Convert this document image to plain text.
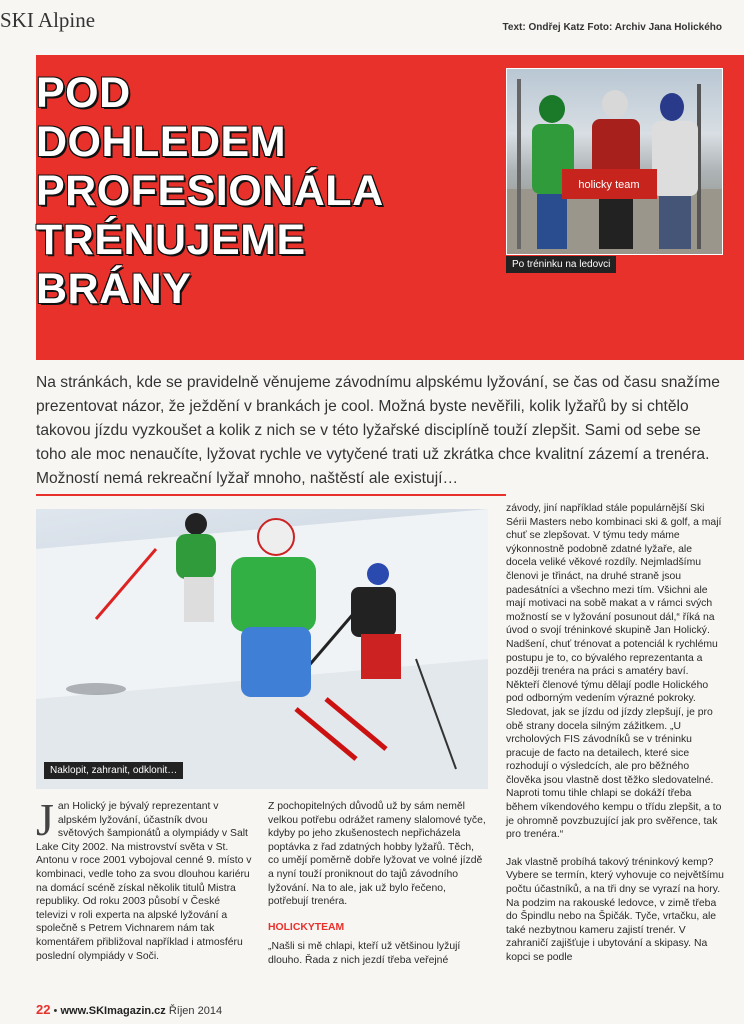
SKI Alpine	Text: Ondřej Katz Foto: Archiv Jana Holického
POD
DOHLEDEM
PROFESIONÁLA
TRÉNUJEME
BRÁNY
holicky team
Po tréninku na ledovci

Na stránkách, kde se pravidelně věnujeme závodnímu alpskému lyžování, se čas od času snažíme prezentovat názor, že ježdění v brankách je cool. Možná byste nevěřili, kolik lyžařů by si chtělo takovou jízdu vyzkoušet a kolik z nich se v této lyžařské disciplíně touží zlepšit. Sami od sebe se toho ale moc nenaučíte, lyžovat rychle ve vytyčené trati už zkrátka chce kvalitní zázemí a trenéra. Možností nemá rekreační lyžař mnoho, naštěstí ale existují…

Naklopit, zahranit, odklonit…

Jan Holický je bývalý reprezentant v alpském lyžování, účastník dvou světových šampionátů a olympiády v Salt Lake City 2002. Na mistrovství světa v St. Antonu v roce 2001 vybojoval cenné 9. místo v kombinaci, vedle toho za svou dlouhou kariéru na domácí scéně získal několik titulů Mistra republiky. Od roku 2003 působí v České televizi v roli experta na alpské lyžování a společně s Petrem Vichnarem nám tak komentářem přibližoval například i atmosféru poslední olympiády v Soči.

Z pochopitelných důvodů už by sám neměl velkou potřebu odrážet rameny slalomové tyče, kdyby po jeho zkušenostech nepřicházela poptávka z řad zdatných hobby lyžařů. Těch, co umějí poměrně dobře lyžovat ve volné jízdě a nyní touží proniknout do tajů závodního lyžování. Na to ale, jak už bylo řečeno, potřebují trenéra.

HOLICKYTEAM

„Našli si mě chlapi, kteří už většinou lyžují dlouho. Řada z nich jezdí třeba veřejné

závody, jiní například stále populárnější Ski Sérii Masters nebo kombinaci ski & golf, a mají chuť se zlepšovat. V týmu tedy máme výkonnostně podobně zdatné lyžaře, ale docela veliké věkové rozdíly. Nejmladšímu členovi je třináct, na druhé straně jsou padesátníci a všechno mezi tím. Všichni ale mají motivaci na sobě makat a v rámci svých možností se v lyžování posunout dál,“ říká na úvod o svojí tréninkové skupině Jan Holický. Nadšení, chuť trénovat a potenciál k rychlému postupu je to, co bývalého reprezentanta a později trenéra na práci s amatéry baví. Někteří členové týmu dělají podle Holického pod odborným vedením výrazné pokroky. Sledovat, jak se jízdu od jízdy zlepšují, je pro obě strany docela silným zážitkem. „U vrcholových FIS závodníků se v tréninku pracuje de facto na detailech, které sice rozhodují o výsledcích, ale pro běžného člověka jsou vlastně dost těžko sledovatelné. Naproti tomu tihle chlapi se dokáží třeba během víkendového kempu o třídu zlepšit, a to je ohromně povzbuzující jak pro svěřence, tak pro trenéra.“

Jak vlastně probíhá takový tréninkový kemp? Vybere se termín, který vyhovuje co největšímu počtu účastníků, a na tři dny se vyrazí na hory. Na podzim na rakouské ledovce, v zimě třeba do Špindlu nebo na Špičák. Tyče, vrtačku, ale také nezbytnou kameru zajistí trenér. V zahraničí zajišťuje i ubytování a skipasy. Na kopci se podle

22 • www.SKImagazin.cz Říjen 2014
